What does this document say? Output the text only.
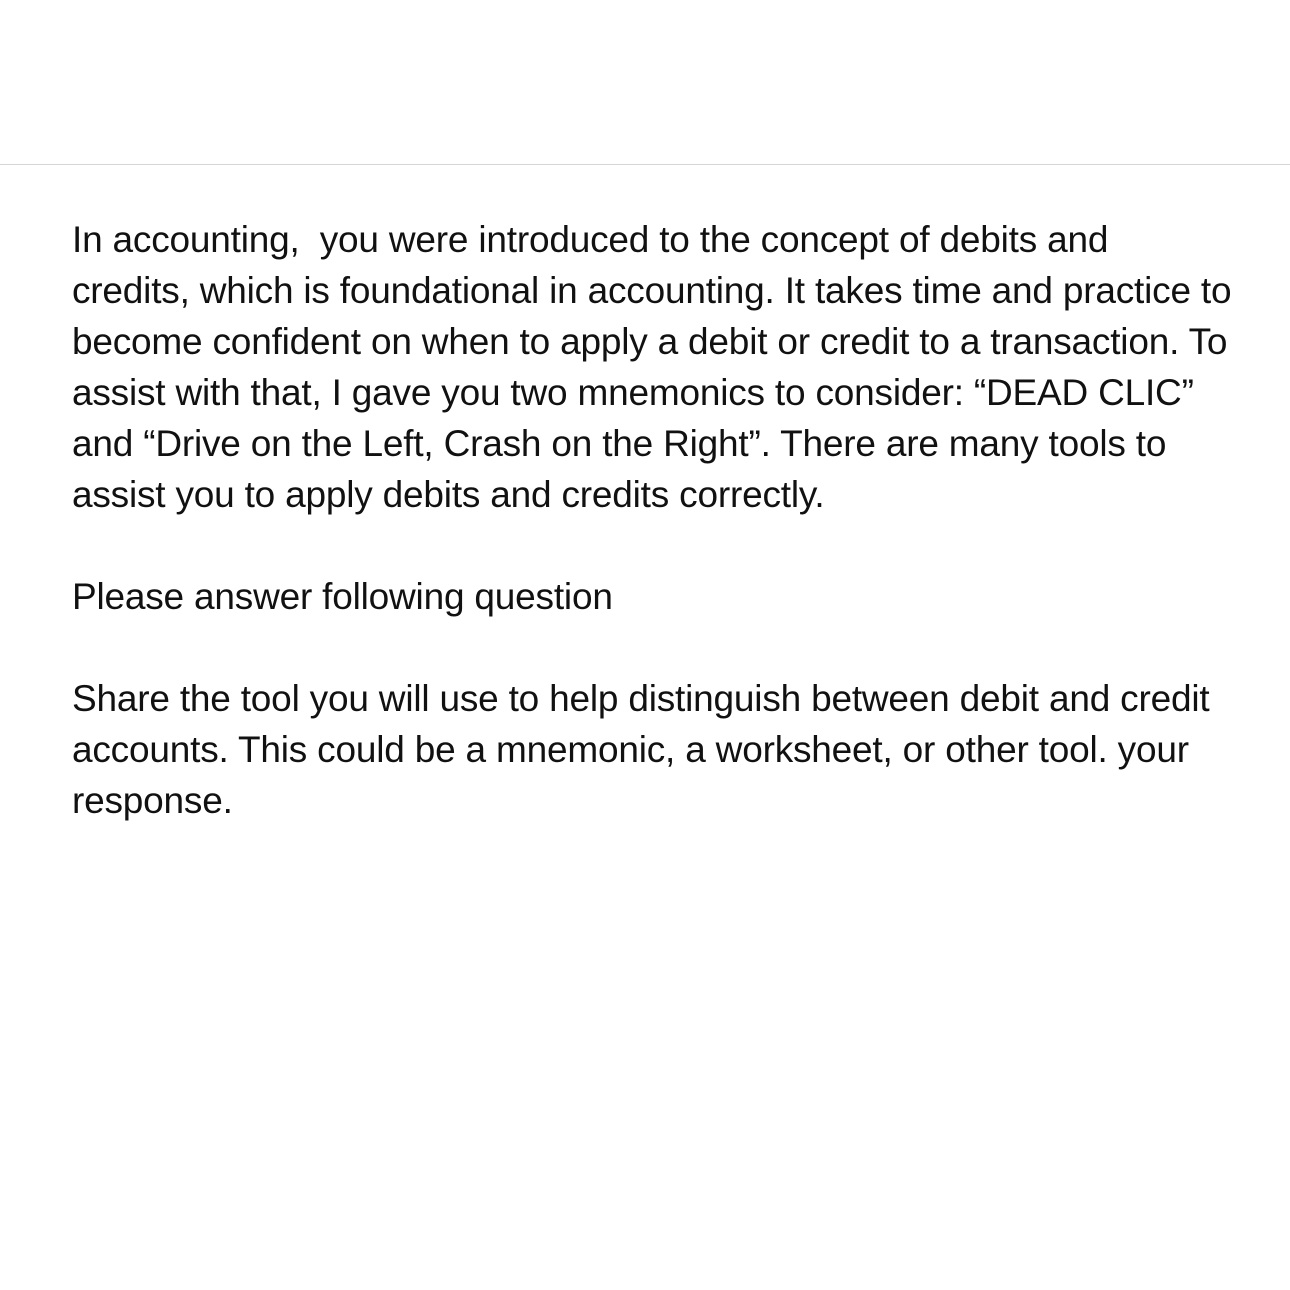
In accounting,  you were introduced to the concept of debits and credits, which is foundational in accounting. It takes time and practice to become confident on when to apply a debit or credit to a transaction. To assist with that, I gave you two mnemonics to consider: “DEAD CLIC” and “Drive on the Left, Crash on the Right”. There are many tools to assist you to apply debits and credits correctly.

Please answer following question

Share the tool you will use to help distinguish between debit and credit accounts. This could be a mnemonic, a worksheet, or other tool. your response.
